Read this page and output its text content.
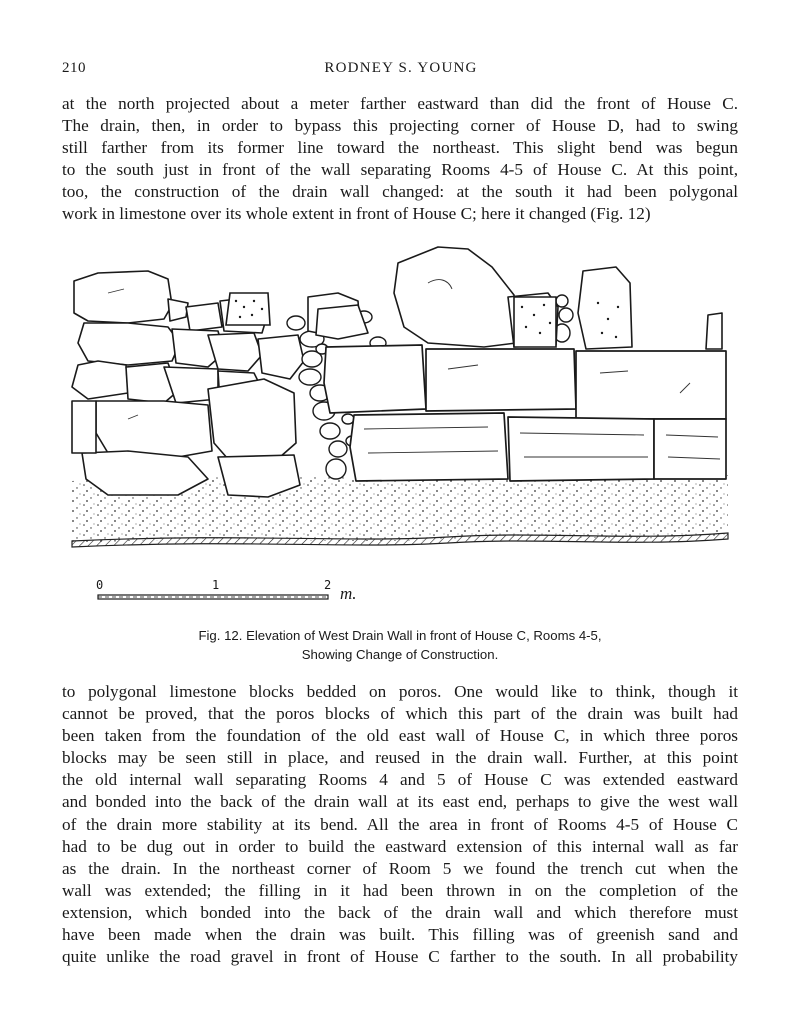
210	RODNEY S. YOUNG

at the north projected about a meter farther eastward than did the front of House C.
The drain, then, in order to bypass this projecting corner of House D, had to swing
still farther from its former line toward the northeast. This slight bend was begun
to the south just in front of the wall separating Rooms 4-5 of House C. At this point,
too, the construction of the drain wall changed: at the south it had been polygonal
work in limestone over its whole extent in front of House C; here it changed (Fig. 12)

0	1	2 m.
Fig. 12. Elevation of West Drain Wall in front of House C, Rooms 4-5,
Showing Change of Construction.

to polygonal limestone blocks bedded on poros. One would like to think, though it
cannot be proved, that the poros blocks of which this part of the drain was built had
been taken from the foundation of the old east wall of House C, in which three poros
blocks may be seen still in place, and reused in the drain wall. Further, at this point
the old internal wall separating Rooms 4 and 5 of House C was extended eastward
and bonded into the back of the drain wall at its east end, perhaps to give the west wall
of the drain more stability at its bend. All the area in front of Rooms 4-5 of House C
had to be dug out in order to build the eastward extension of this internal wall as far
as the drain. In the northeast corner of Room 5 we found the trench cut when the
wall was extended; the filling in it had been thrown in on the completion of the
extension, which bonded into the back of the drain wall and which therefore must
have been made when the drain was built. This filling was of greenish sand and
quite unlike the road gravel in front of House C farther to the south. In all probability
